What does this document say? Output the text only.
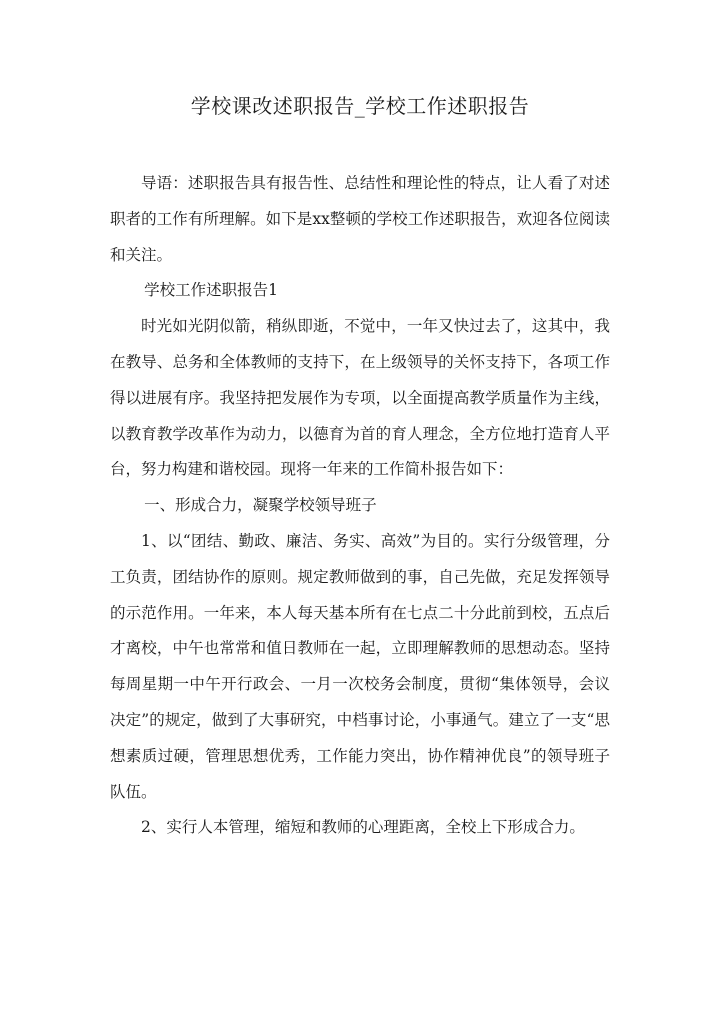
学校课改述职报告_学校工作述职报告

导语：述职报告具有报告性、总结性和理论性的特点，让人看了对述职者的工作有所理解。如下是xx整顿的学校工作述职报告，欢迎各位阅读和关注。

学校工作述职报告1

时光如光阴似箭，稍纵即逝，不觉中，一年又快过去了，这其中，我在教导、总务和全体教师的支持下，在上级领导的关怀支持下，各项工作得以进展有序。我坚持把发展作为专项，以全面提高教学质量作为主线，以教育教学改革作为动力，以德育为首的育人理念，全方位地打造育人平台，努力构建和谐校园。现将一年来的工作简朴报告如下：

一、形成合力，凝聚学校领导班子

1、以“团结、勤政、廉洁、务实、高效”为目的。实行分级管理，分工负责，团结协作的原则。规定教师做到的事，自己先做，充足发挥领导的示范作用。一年来，本人每天基本所有在七点二十分此前到校，五点后才离校，中午也常常和值日教师在一起，立即理解教师的思想动态。坚持每周星期一中午开行政会、一月一次校务会制度，贯彻“集体领导，会议决定”的规定，做到了大事研究，中档事讨论，小事通气。建立了一支“思想素质过硬，管理思想优秀，工作能力突出，协作精神优良”的领导班子队伍。

2、实行人本管理，缩短和教师的心理距离，全校上下形成合力。
